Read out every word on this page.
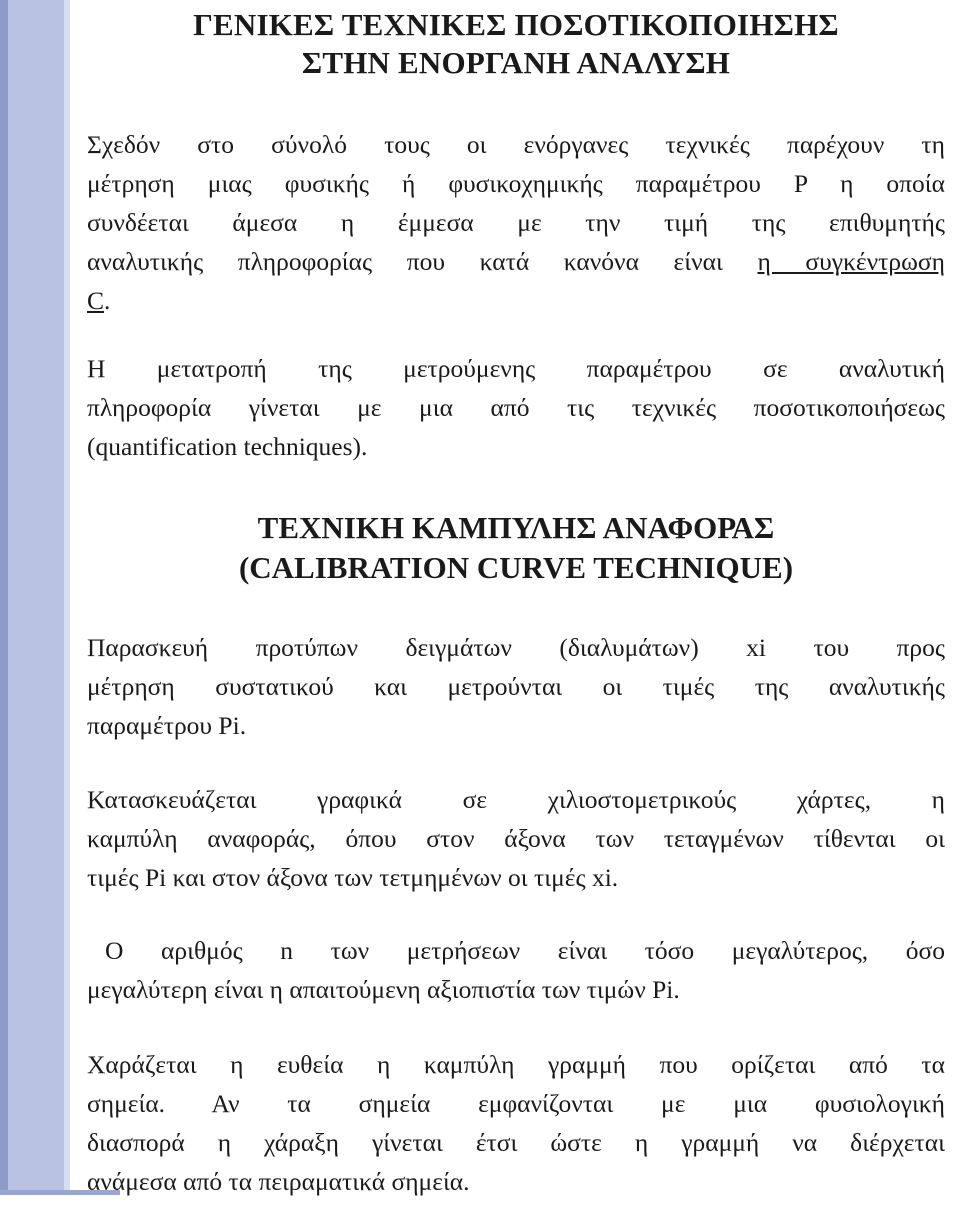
ΓΕΝΙΚΕΣ ΤΕΧΝΙΚΕΣ ΠΟΣΟΤΙΚΟΠΟΙΗΣΗΣ
ΣΤΗΝ ΕΝΟΡΓΑΝΗ ΑΝΑΛΥΣΗ

Σχεδόν στο σύνολό τους οι ενόργανες τεχνικές παρέχουν τη
μέτρηση μιας φυσικής ή φυσικοχημικής παραμέτρου P η οποία
συνδέεται άμεσα η έμμεσα με την τιμή της επιθυμητής
αναλυτικής πληροφορίας που κατά κανόνα είναι η συγκέντρωση
C.

Η μετατροπή της μετρούμενης παραμέτρου σε αναλυτική
πληροφορία γίνεται με μια από τις τεχνικές ποσοτικοποιήσεως
(quantification techniques).

ΤΕΧΝΙΚΗ ΚΑΜΠΥΛΗΣ ΑΝΑΦΟΡΑΣ
(CALIBRATION CURVE TECHNIQUE)

Παρασκευή προτύπων δειγμάτων (διαλυμάτων) xi του προς
μέτρηση συστατικού και μετρούνται οι τιμές της αναλυτικής
παραμέτρου Pi.

Κατασκευάζεται γραφικά σε χιλιοστομετρικούς χάρτες, η
καμπύλη αναφοράς, όπου στον άξονα των τεταγμένων τίθενται οι
τιμές Pi και στον άξονα των τετμημένων οι τιμές xi.

Ο αριθμός n των μετρήσεων είναι τόσο μεγαλύτερος, όσο
μεγαλύτερη είναι η απαιτούμενη αξιοπιστία των τιμών Pi.

Χαράζεται η ευθεία η καμπύλη γραμμή που ορίζεται από τα
σημεία. Αν τα σημεία εμφανίζονται με μια φυσιολογική
διασπορά η χάραξη γίνεται έτσι ώστε η γραμμή να διέρχεται
ανάμεσα από τα πειραματικά σημεία.
